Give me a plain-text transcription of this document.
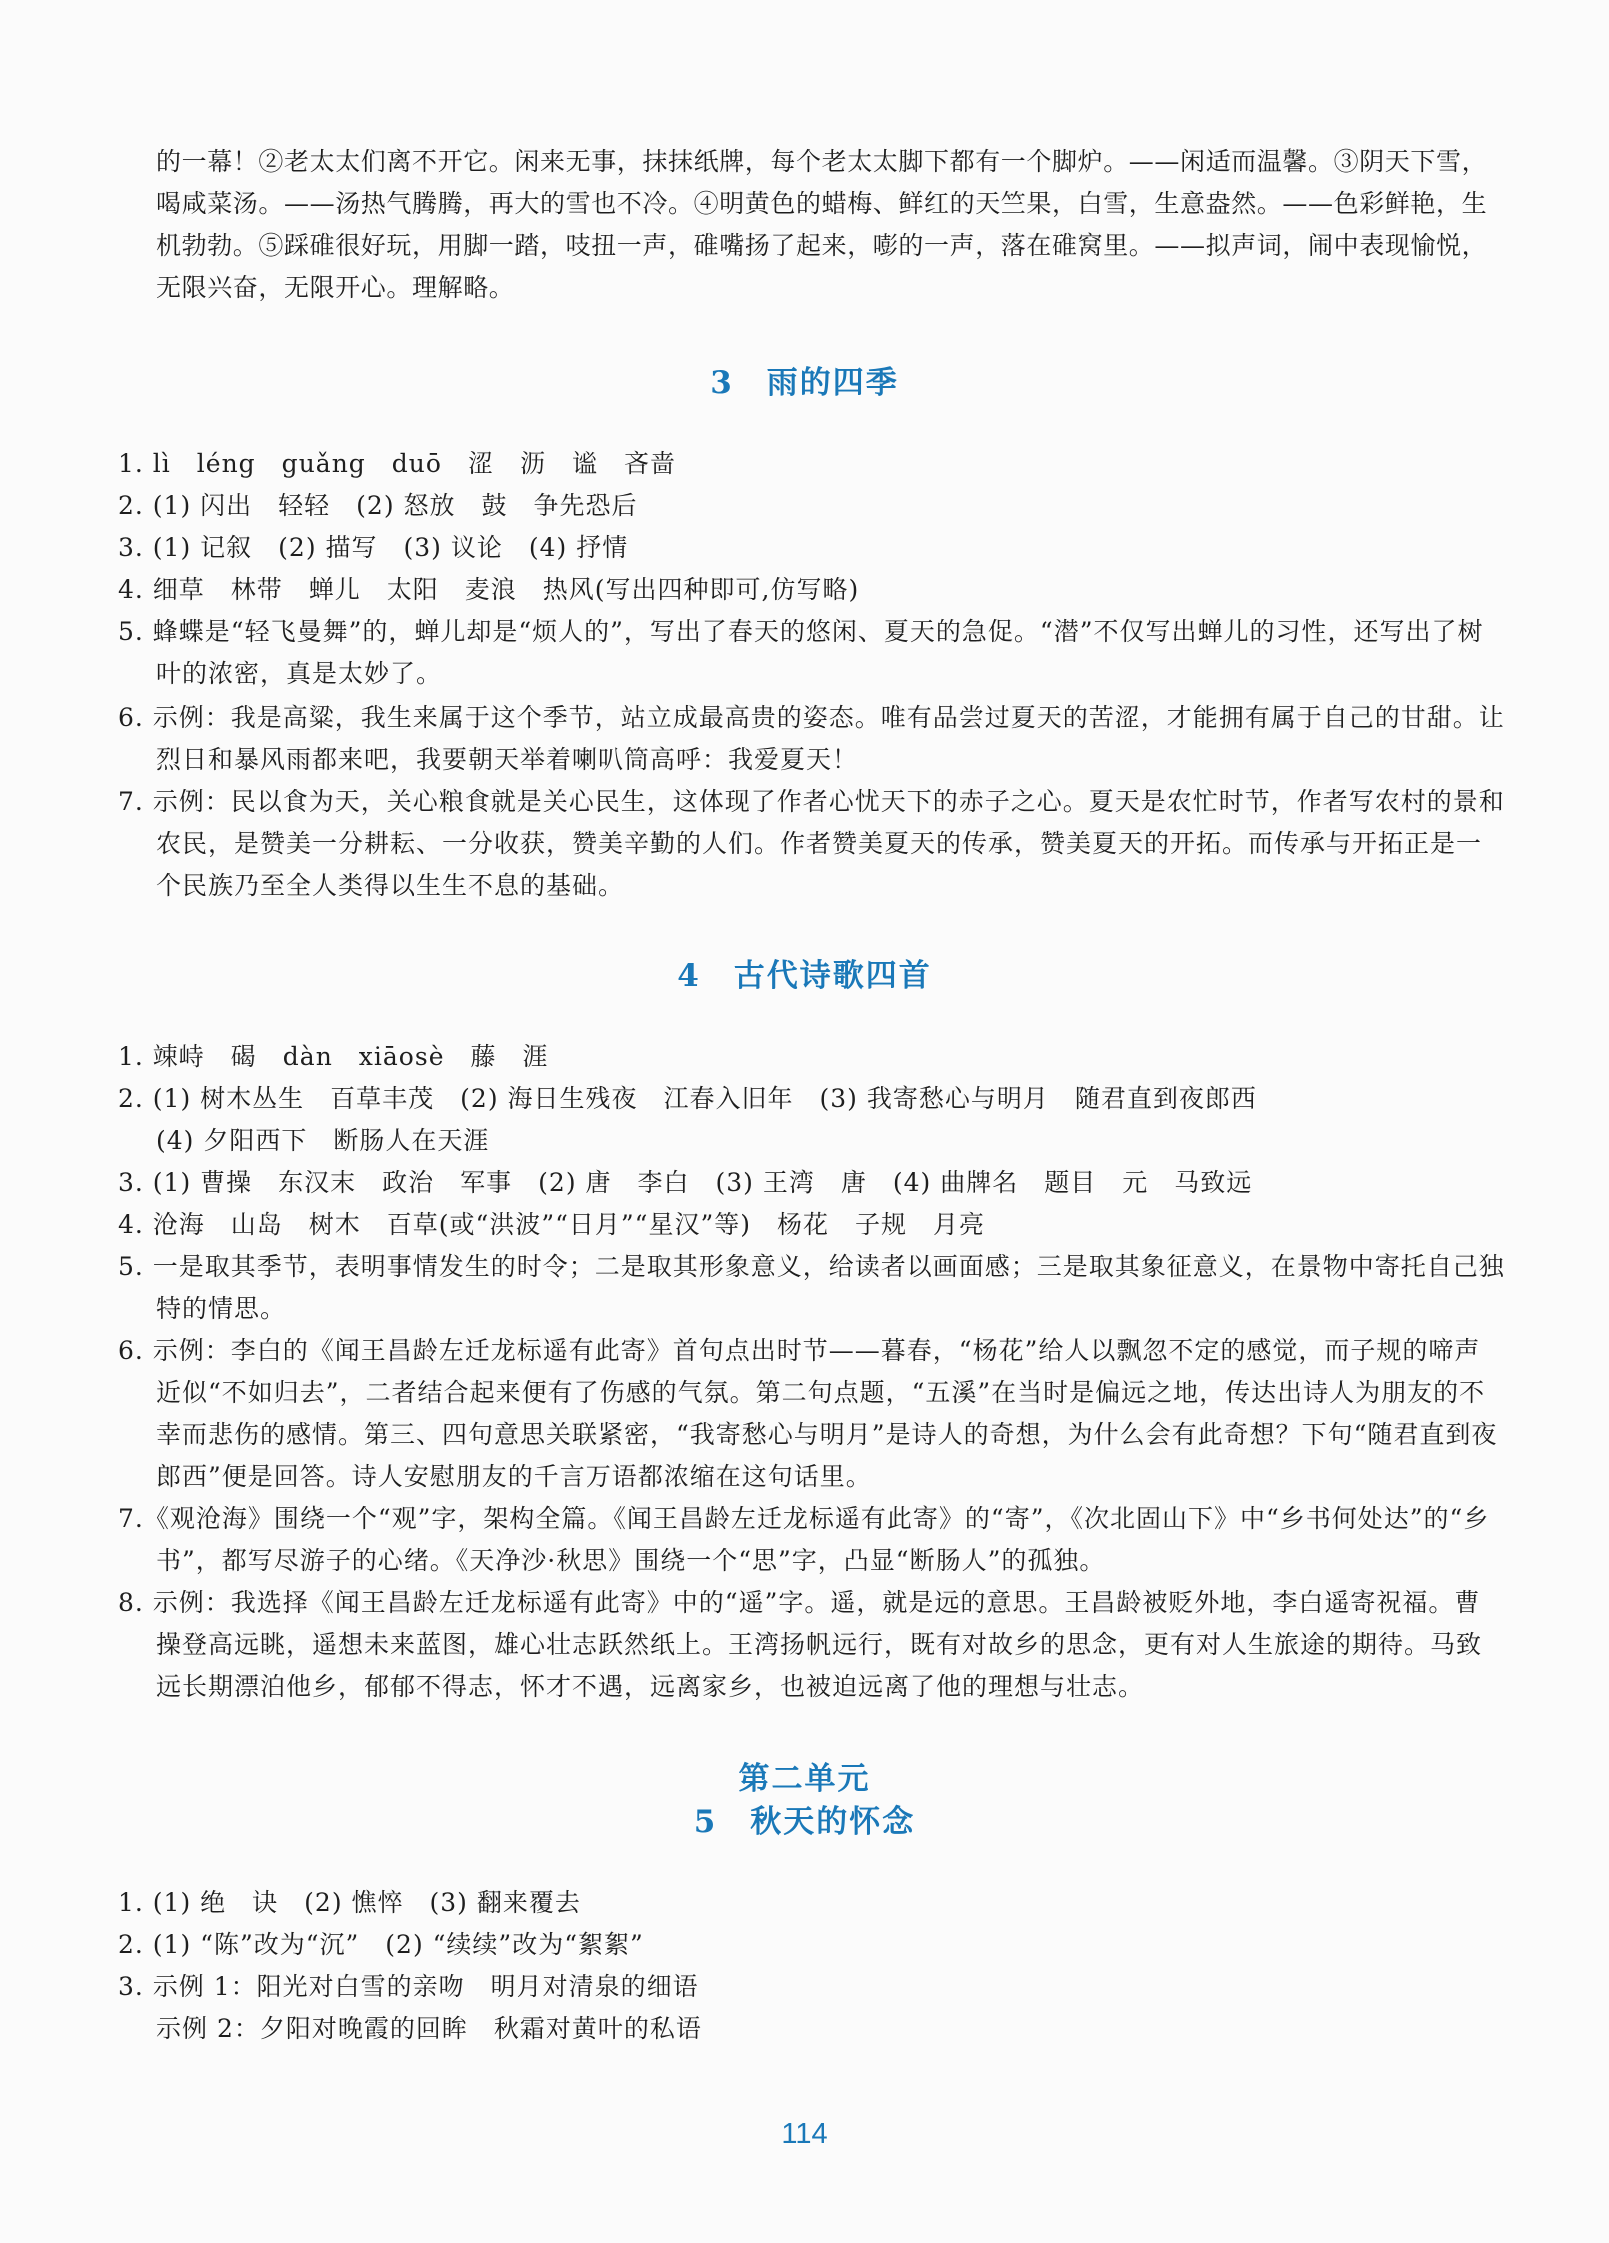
的一幕！②老太太们离不开它。闲来无事，抹抹纸牌，每个老太太脚下都有一个脚炉。——闲适而温馨。③阴天下雪，喝咸菜汤。——汤热气腾腾，再大的雪也不冷。④明黄色的蜡梅、鲜红的天竺果，白雪，生意盎然。——色彩鲜艳，生机勃勃。⑤踩碓很好玩，用脚一踏，吱扭一声，碓嘴扬了起来，嘭的一声，落在碓窝里。——拟声词，闹中表现愉悦，无限兴奋，无限开心。理解略。

3　雨的四季

1. lì　léng　guǎng　duō　涩　沥　谧　吝啬

2. (1) 闪出　轻轻　(2) 怒放　鼓　争先恐后

3. (1) 记叙　(2) 描写　(3) 议论　(4) 抒情

4. 细草　林带　蝉儿　太阳　麦浪　热风(写出四种即可,仿写略)

5. 蜂蝶是“轻飞曼舞”的，蝉儿却是“烦人的”，写出了春天的悠闲、夏天的急促。“潜”不仅写出蝉儿的习性，还写出了树叶的浓密，真是太妙了。

6. 示例：我是高粱，我生来属于这个季节，站立成最高贵的姿态。唯有品尝过夏天的苦涩，才能拥有属于自己的甘甜。让烈日和暴风雨都来吧，我要朝天举着喇叭筒高呼：我爱夏天！

7. 示例：民以食为天，关心粮食就是关心民生，这体现了作者心忧天下的赤子之心。夏天是农忙时节，作者写农村的景和农民，是赞美一分耕耘、一分收获，赞美辛勤的人们。作者赞美夏天的传承，赞美夏天的开拓。而传承与开拓正是一个民族乃至全人类得以生生不息的基础。

4　古代诗歌四首

1. 竦峙　碣　dàn　xiāosè　藤　涯

2. (1) 树木丛生　百草丰茂　(2) 海日生残夜　江春入旧年　(3) 我寄愁心与明月　随君直到夜郎西

(4) 夕阳西下　断肠人在天涯

3. (1) 曹操　东汉末　政治　军事　(2) 唐　李白　(3) 王湾　唐　(4) 曲牌名　题目　元　马致远

4. 沧海　山岛　树木　百草(或“洪波”“日月”“星汉”等)　杨花　子规　月亮

5. 一是取其季节，表明事情发生的时令；二是取其形象意义，给读者以画面感；三是取其象征意义，在景物中寄托自己独特的情思。

6. 示例：李白的《闻王昌龄左迁龙标遥有此寄》首句点出时节——暮春，“杨花”给人以飘忽不定的感觉，而子规的啼声近似“不如归去”，二者结合起来便有了伤感的气氛。第二句点题，“五溪”在当时是偏远之地，传达出诗人为朋友的不幸而悲伤的感情。第三、四句意思关联紧密，“我寄愁心与明月”是诗人的奇想，为什么会有此奇想？下句“随君直到夜郎西”便是回答。诗人安慰朋友的千言万语都浓缩在这句话里。

7.《观沧海》围绕一个“观”字，架构全篇。《闻王昌龄左迁龙标遥有此寄》的“寄”，《次北固山下》中“乡书何处达”的“乡书”，都写尽游子的心绪。《天净沙·秋思》围绕一个“思”字，凸显“断肠人”的孤独。

8. 示例：我选择《闻王昌龄左迁龙标遥有此寄》中的“遥”字。遥，就是远的意思。王昌龄被贬外地，李白遥寄祝福。曹操登高远眺，遥想未来蓝图，雄心壮志跃然纸上。王湾扬帆远行，既有对故乡的思念，更有对人生旅途的期待。马致远长期漂泊他乡，郁郁不得志，怀才不遇，远离家乡，也被迫远离了他的理想与壮志。

第二单元
5　秋天的怀念

1. (1) 绝　诀　(2) 憔悴　(3) 翻来覆去

2. (1) “陈”改为“沉”　(2) “续续”改为“絮絮”

3. 示例 1：阳光对白雪的亲吻　明月对清泉的细语

示例 2：夕阳对晚霞的回眸　秋霜对黄叶的私语

114
